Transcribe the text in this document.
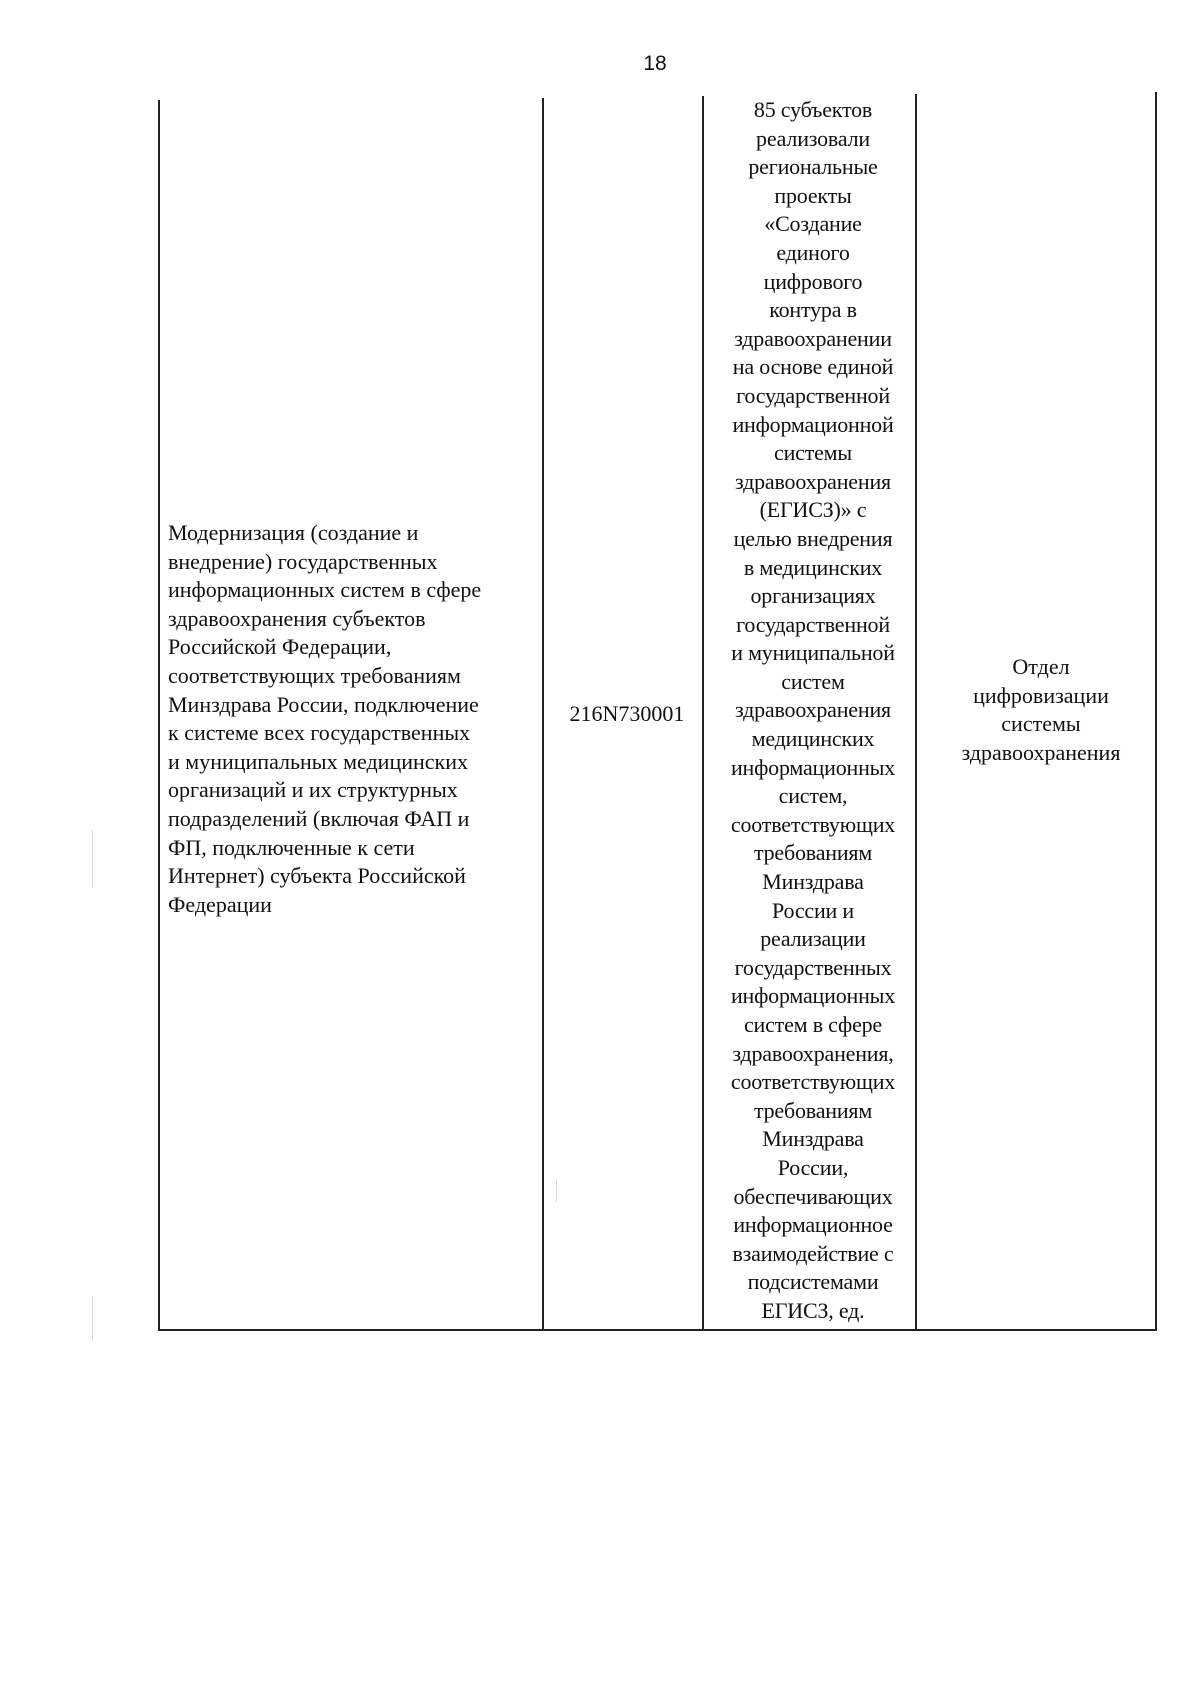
18
Модернизация (создание и
внедрение) государственных
информационных систем в сфере
здравоохранения субъектов
Российской Федерации,
соответствующих требованиям
Минздрава России, подключение
к системе всех государственных
и муниципальных медицинских
организаций и их структурных
подразделений (включая ФАП и
ФП, подключенные к сети
Интернет) субъекта Российской
Федерации
216N730001
85 субъектов
реализовали
региональные
проекты
«Создание
единого
цифрового
контура в
здравоохранении
на основе единой
государственной
информационной
системы
здравоохранения
(ЕГИСЗ)» с
целью внедрения
в медицинских
организациях
государственной
и муниципальной
систем
здравоохранения
медицинских
информационных
систем,
соответствующих
требованиям
Минздрава
России и
реализации
государственных
информационных
систем в сфере
здравоохранения,
соответствующих
требованиям
Минздрава
России,
обеспечивающих
информационное
взаимодействие с
подсистемами
ЕГИСЗ, ед.
Отдел
цифровизации
системы
здравоохранения
